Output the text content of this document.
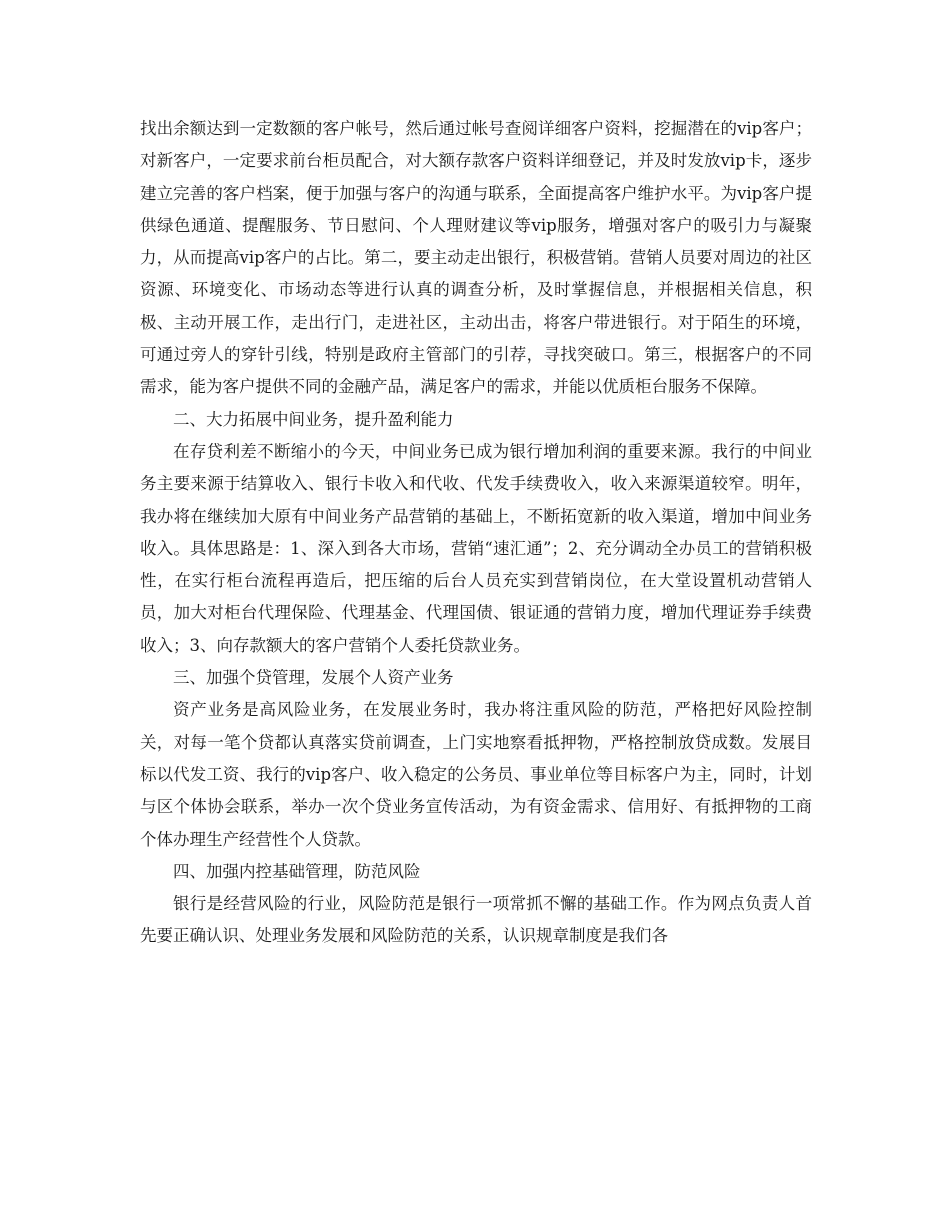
找出余额达到一定数额的客户帐号，然后通过帐号查阅详细客户资料，挖掘潜在的vip客户；对新客户，一定要求前台柜员配合，对大额存款客户资料详细登记，并及时发放vip卡，逐步建立完善的客户档案，便于加强与客户的沟通与联系，全面提高客户维护水平。为vip客户提供绿色通道、提醒服务、节日慰问、个人理财建议等vip服务，增强对客户的吸引力与凝聚力，从而提高vip客户的占比。第二，要主动走出银行，积极营销。营销人员要对周边的社区资源、环境变化、市场动态等进行认真的调查分析，及时掌握信息，并根据相关信息，积极、主动开展工作，走出行门，走进社区，主动出击，将客户带进银行。对于陌生的环境，可通过旁人的穿针引线，特别是政府主管部门的引荐，寻找突破口。第三，根据客户的不同需求，能为客户提供不同的金融产品，满足客户的需求，并能以优质柜台服务不保障。

二、大力拓展中间业务，提升盈利能力

在存贷利差不断缩小的今天，中间业务已成为银行增加利润的重要来源。我行的中间业务主要来源于结算收入、银行卡收入和代收、代发手续费收入，收入来源渠道较窄。明年，我办将在继续加大原有中间业务产品营销的基础上，不断拓宽新的收入渠道，增加中间业务收入。具体思路是：1、深入到各大市场，营销“速汇通”；2、充分调动全办员工的营销积极性，在实行柜台流程再造后，把压缩的后台人员充实到营销岗位，在大堂设置机动营销人员，加大对柜台代理保险、代理基金、代理国债、银证通的营销力度，增加代理证券手续费收入；3、向存款额大的客户营销个人委托贷款业务。

三、加强个贷管理，发展个人资产业务

资产业务是高风险业务，在发展业务时，我办将注重风险的防范，严格把好风险控制关，对每一笔个贷都认真落实贷前调查，上门实地察看抵押物，严格控制放贷成数。发展目标以代发工资、我行的vip客户、收入稳定的公务员、事业单位等目标客户为主，同时，计划与区个体协会联系，举办一次个贷业务宣传活动，为有资金需求、信用好、有抵押物的工商个体办理生产经营性个人贷款。

四、加强内控基础管理，防范风险

银行是经营风险的行业，风险防范是银行一项常抓不懈的基础工作。作为网点负责人首先要正确认识、处理业务发展和风险防范的关系，认识规章制度是我们各
